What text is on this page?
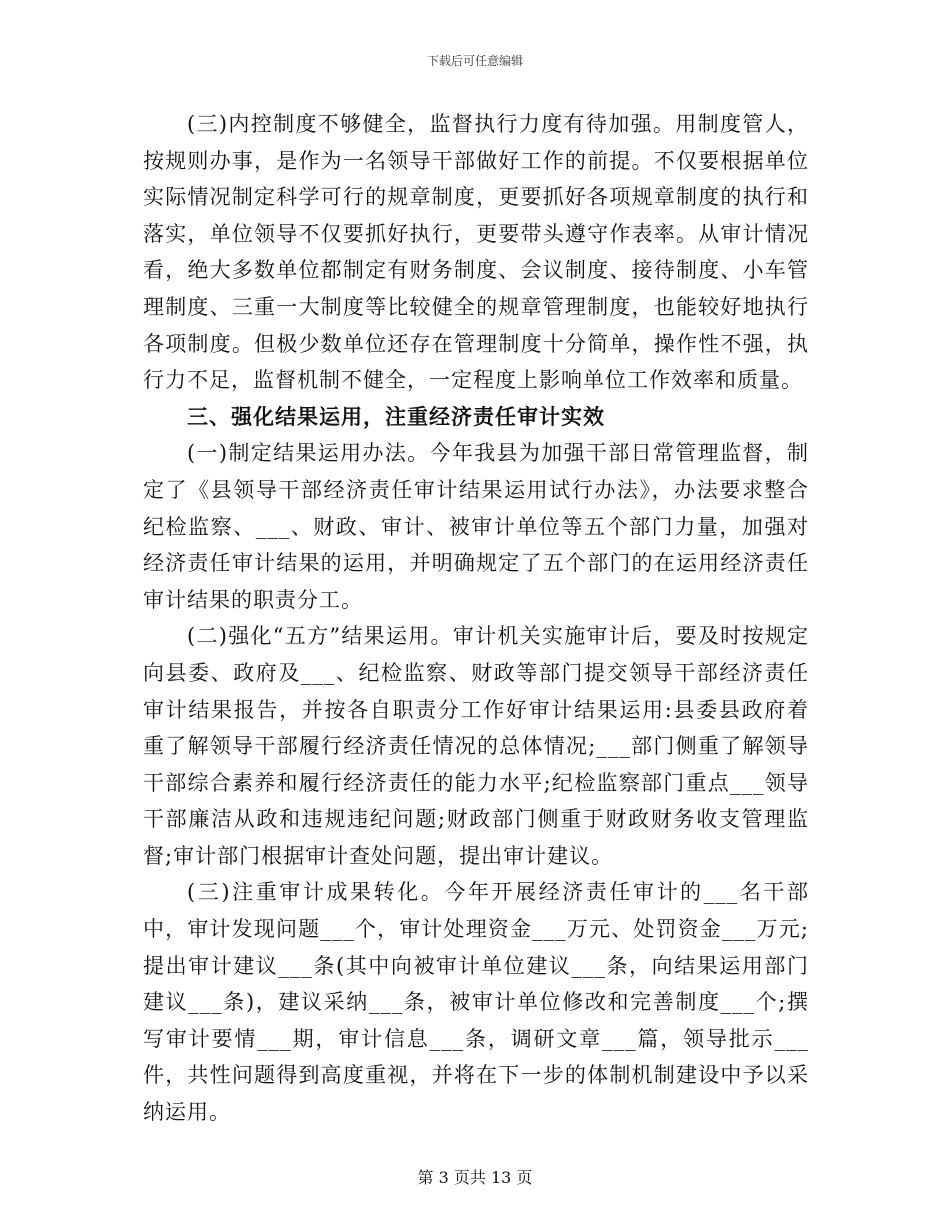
下载后可任意编辑

(三)内控制度不够健全，监督执行力度有待加强。用制度管人，按规则办事，是作为一名领导干部做好工作的前提。不仅要根据单位实际情况制定科学可行的规章制度，更要抓好各项规章制度的执行和落实，单位领导不仅要抓好执行，更要带头遵守作表率。从审计情况看，绝大多数单位都制定有财务制度、会议制度、接待制度、小车管理制度、三重一大制度等比较健全的规章管理制度，也能较好地执行各项制度。但极少数单位还存在管理制度十分简单，操作性不强，执行力不足，监督机制不健全，一定程度上影响单位工作效率和质量。

三、强化结果运用，注重经济责任审计实效

(一)制定结果运用办法。今年我县为加强干部日常管理监督，制定了《县领导干部经济责任审计结果运用试行办法》，办法要求整合纪检监察、___、财政、审计、被审计单位等五个部门力量，加强对经济责任审计结果的运用，并明确规定了五个部门的在运用经济责任审计结果的职责分工。

(二)强化“五方”结果运用。审计机关实施审计后，要及时按规定向县委、政府及___、纪检监察、财政等部门提交领导干部经济责任审计结果报告，并按各自职责分工作好审计结果运用:县委县政府着重了解领导干部履行经济责任情况的总体情况;___部门侧重了解领导干部综合素养和履行经济责任的能力水平;纪检监察部门重点___领导干部廉洁从政和违规违纪问题;财政部门侧重于财政财务收支管理监督;审计部门根据审计查处问题，提出审计建议。

(三)注重审计成果转化。今年开展经济责任审计的___名干部中，审计发现问题___个，审计处理资金___万元、处罚资金___万元;提出审计建议___条(其中向被审计单位建议___条，向结果运用部门建议___条)，建议采纳___条，被审计单位修改和完善制度___个;撰写审计要情___期，审计信息___条，调研文章___篇，领导批示___件，共性问题得到高度重视，并将在下一步的体制机制建设中予以采纳运用。

第 3 页共 13 页
